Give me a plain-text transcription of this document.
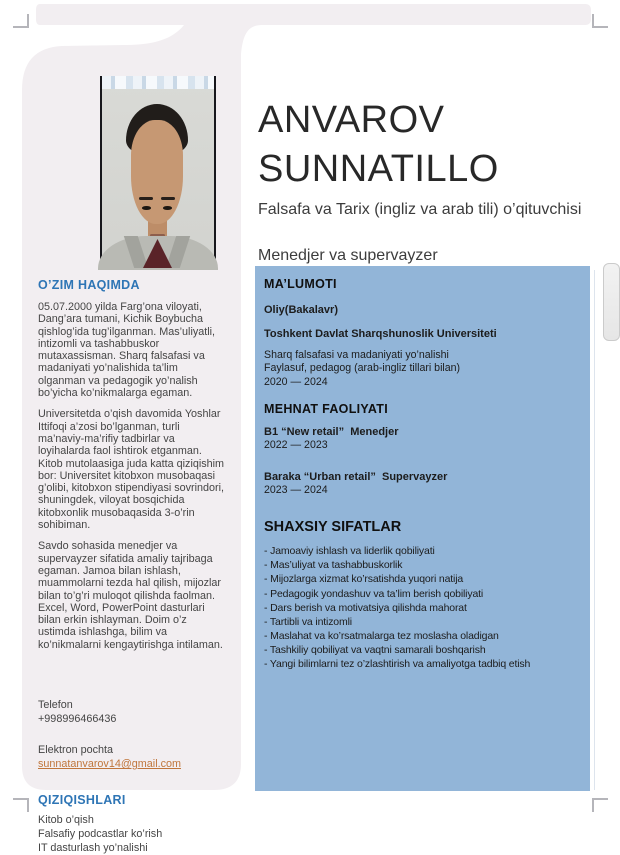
ANVAROV
SUNNATILLO
Falsafa va Tarix (ingliz va arab tili) o’qituvchisi
Menedjer va supervayzer
MA’LUMOTI
Oliy(Bakalavr)
Toshkent Davlat Sharqshunoslik Universiteti
Sharq falsafasi va madaniyati yo’nalishi
Faylasuf, pedagog (arab-ingliz tillari bilan)
2020 — 2024
MEHNAT FAOLIYATI
B1 “New retail”  Menedjer
2022 — 2023
Baraka “Urban retail”  Supervayzer
2023 — 2024
SHAXSIY SIFATLAR
- Jamoaviy ishlash va liderlik qobiliyati
- Mas’uliyat va tashabbuskorlik
- Mijozlarga xizmat ko’rsatishda yuqori natija
- Pedagogik yondashuv va ta’lim berish qobiliyati
- Dars berish va motivatsiya qilishda mahorat
- Tartibli va intizomli
- Maslahat va ko’rsatmalarga tez moslasha oladigan
- Tashkiliy qobiliyat va vaqtni samarali boshqarish
- Yangi bilimlarni tez o’zlashtirish va amaliyotga tadbiq etish
O’ZIM HAQIMDA
05.07.2000 yilda Farg’ona viloyati, Dang’ara tumani, Kichik Boybucha qishlog’ida tug’ilganman. Mas’uliyatli, intizomli va tashabbuskor mutaxassisman. Sharq falsafasi va madaniyati yo’nalishida ta’lim olganman va pedagogik yo’nalish bo’yicha ko’nikmalarga egaman.
Universitetda o’qish davomida Yoshlar Ittifoqi a’zosi bo’lganman, turli ma’naviy-ma’rifiy tadbirlar va loyihalarda faol ishtirok etganman. Kitob mutolaasiga juda katta qiziqishim bor: Universitet kitobxon musobaqasi g’olibi, kitobxon stipendiyasi sovrindori, shuningdek, viloyat bosqichida kitobxonlik musobaqasida 3-o’rin sohibiman.
Savdo sohasida menedjer va supervayzer sifatida amaliy tajribaga egaman. Jamoa bilan ishlash, muammolarni tezda hal qilish, mijozlar bilan to’g’ri muloqot qilishda faolman. Excel, Word, PowerPoint dasturlari bilan erkin ishlayman. Doim o’z ustimda ishlashga, bilim va ko’nikmalarni kengaytirishga intilaman.
Telefon
+998996466436
Elektron pochta
sunnatanvarov14@gmail.com
QIZIQISHLARI
Kitob o’qish
Falsafiy podcastlar ko’rish
IT dasturlash yo’nalishi
